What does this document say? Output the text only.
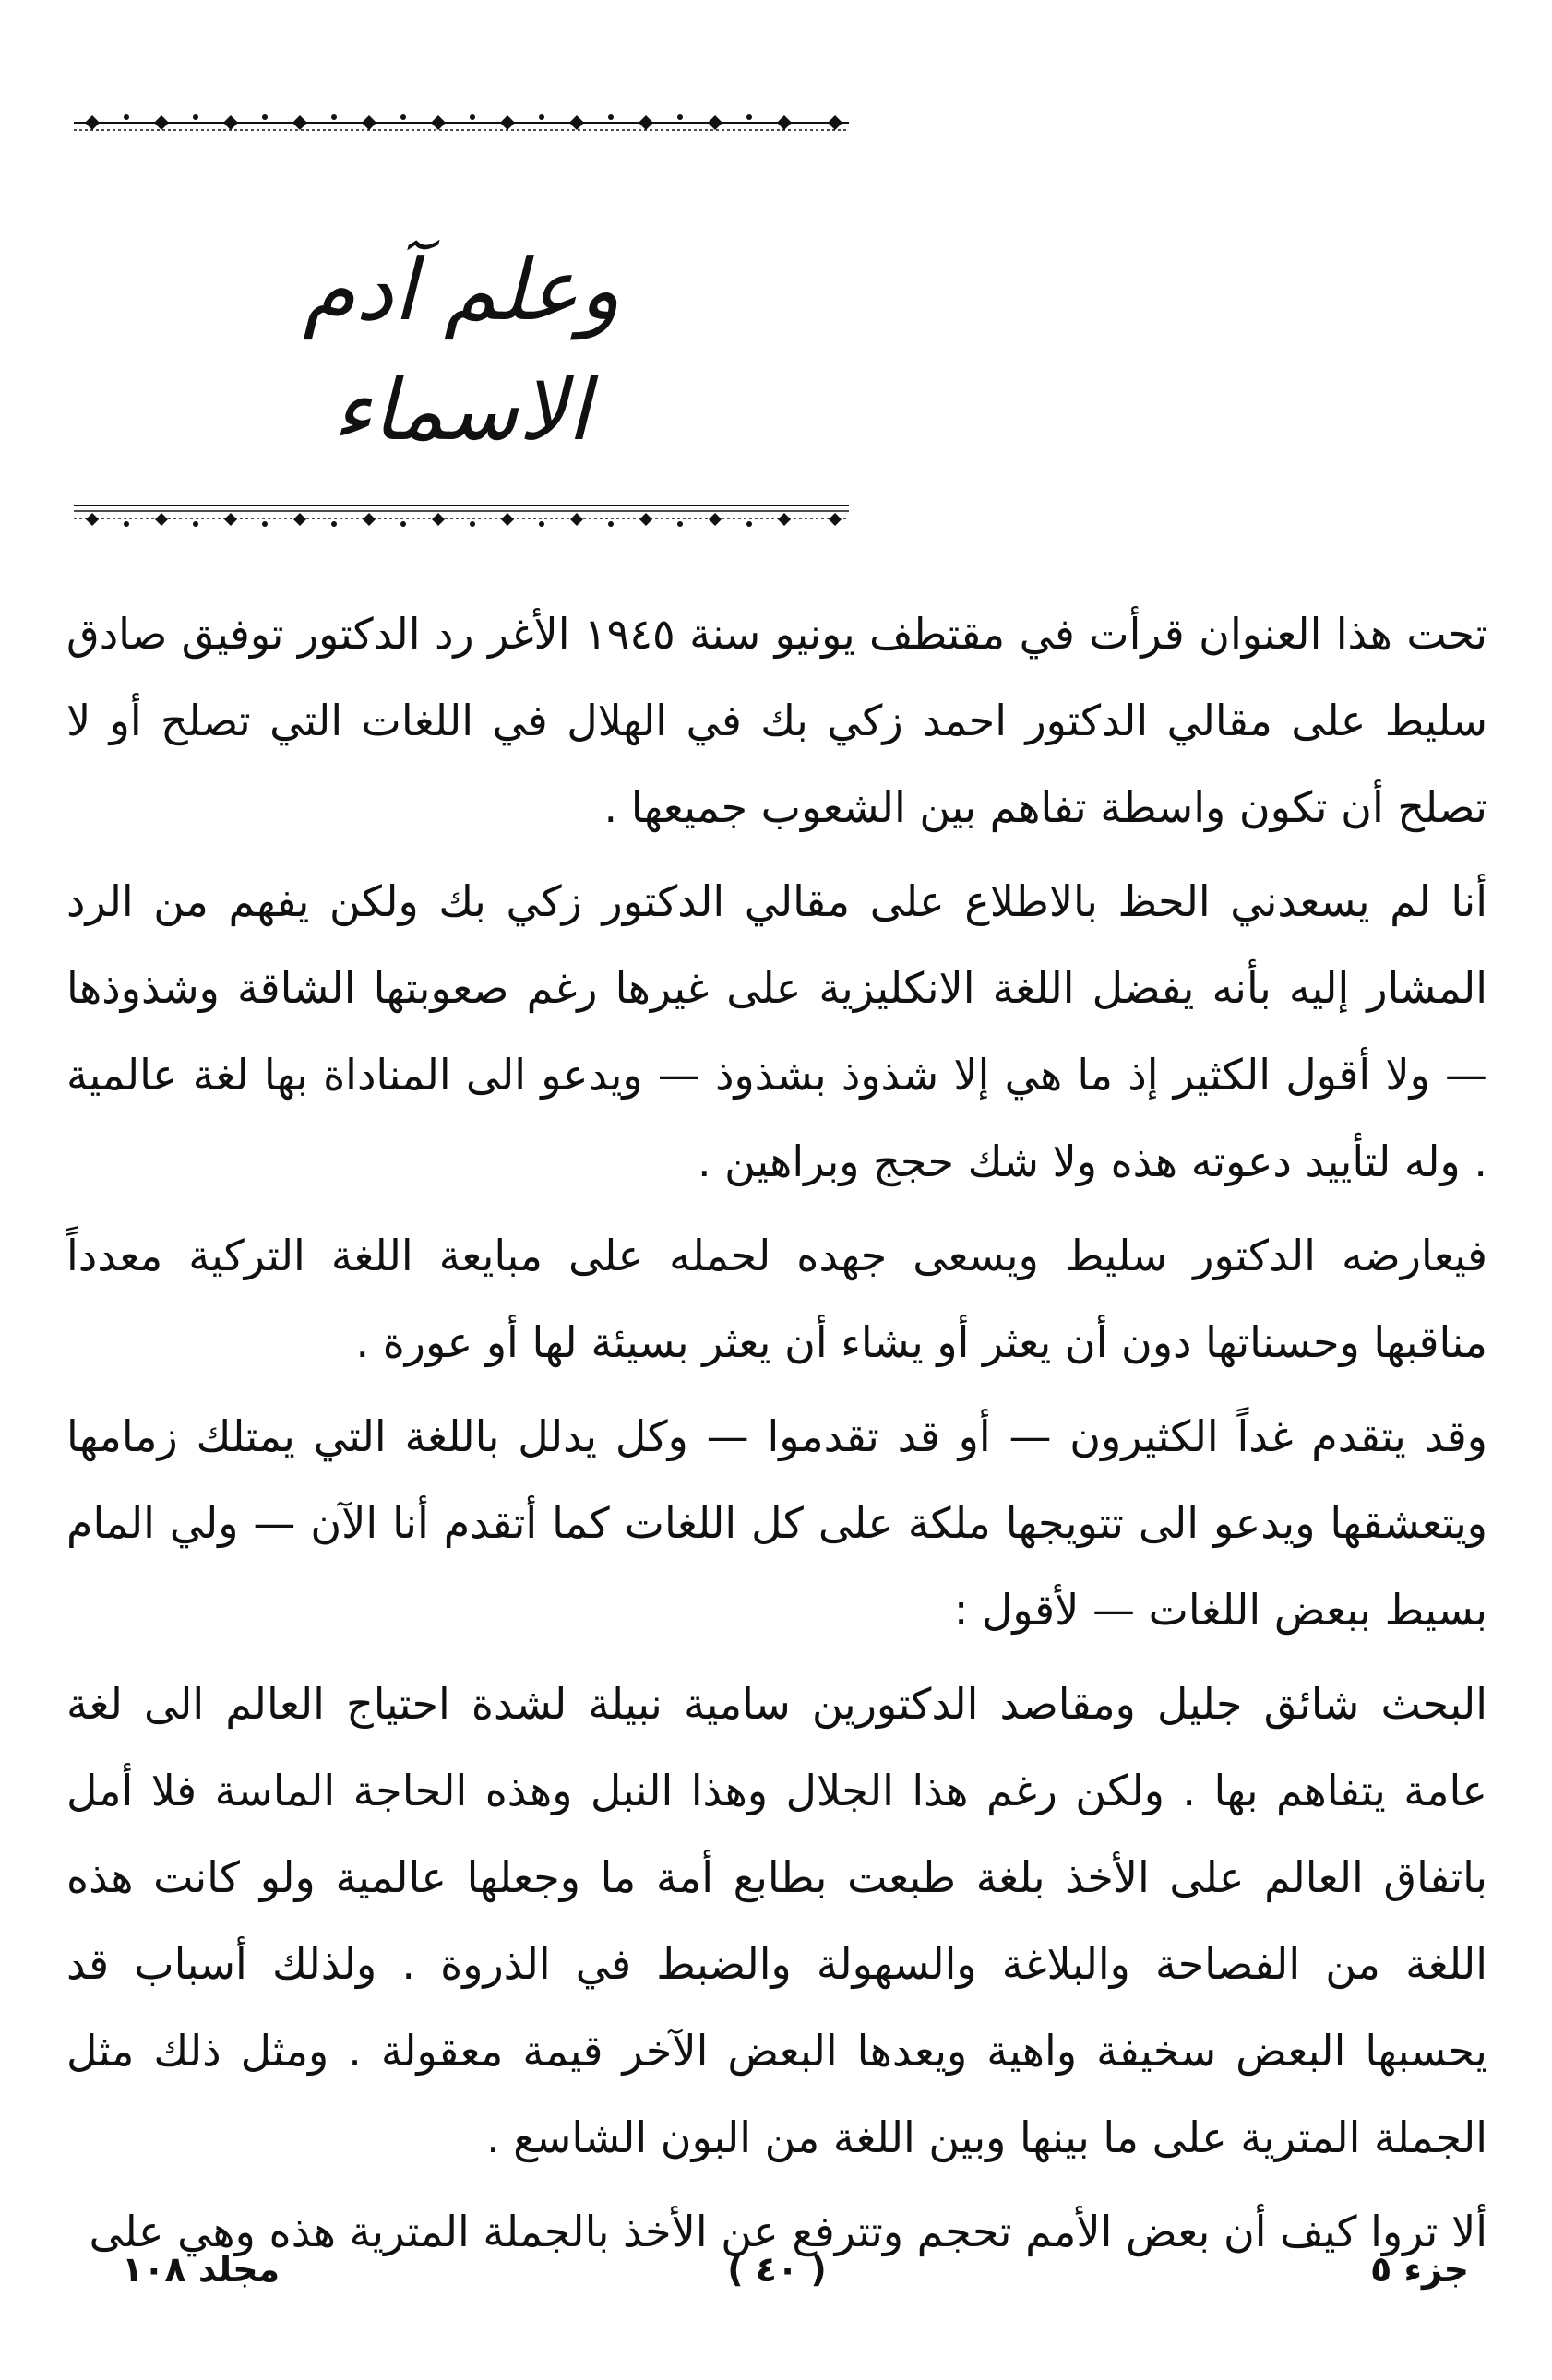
وعلم آدم الاسماء

تحت هذا العنوان قرأت في مقتطف يونيو سنة ١٩٤٥ الأغر رد الدكتور توفيق صادق سليط على مقالي الدكتور احمد زكي بك في الهلال في اللغات التي تصلح أو لا تصلح أن تكون واسطة تفاهم بين الشعوب جميعها .

أنا لم يسعدني الحظ بالاطلاع على مقالي الدكتور زكي بك ولكن يفهم من الرد المشار إليه بأنه يفضل اللغة الانكليزية على غيرها رغم صعوبتها الشاقة وشذوذها — ولا أقول الكثير إذ ما هي إلا شذوذ بشذوذ — ويدعو الى المناداة بها لغة عالمية . وله لتأييد دعوته هذه ولا شك حجج وبراهين .

فيعارضه الدكتور سليط ويسعى جهده لحمله على مبايعة اللغة التركية معدداً مناقبها وحسناتها دون أن يعثر أو يشاء أن يعثر بسيئة لها أو عورة .

وقد يتقدم غداً الكثيرون — أو قد تقدموا — وكل يدلل باللغة التي يمتلك زمامها ويتعشقها ويدعو الى تتويجها ملكة على كل اللغات كما أتقدم أنا الآن — ولي المام بسيط ببعض اللغات — لأقول :

البحث شائق جليل ومقاصد الدكتورين سامية نبيلة لشدة احتياج العالم الى لغة عامة يتفاهم بها . ولكن رغم هذا الجلال وهذا النبل وهذه الحاجة الماسة فلا أمل باتفاق العالم على الأخذ بلغة طبعت بطابع أمة ما وجعلها عالمية ولو كانت هذه اللغة من الفصاحة والبلاغة والسهولة والضبط في الذروة . ولذلك أسباب قد يحسبها البعض سخيفة واهية ويعدها البعض الآخر قيمة معقولة . ومثل ذلك مثل الجملة المترية على ما بينها وبين اللغة من البون الشاسع .

ألا تروا كيف أن بعض الأمم تحجم وتترفع عن الأخذ بالجملة المترية هذه وهي على

جزء ٥
( ٤٠ )
مجلد ١٠٨
